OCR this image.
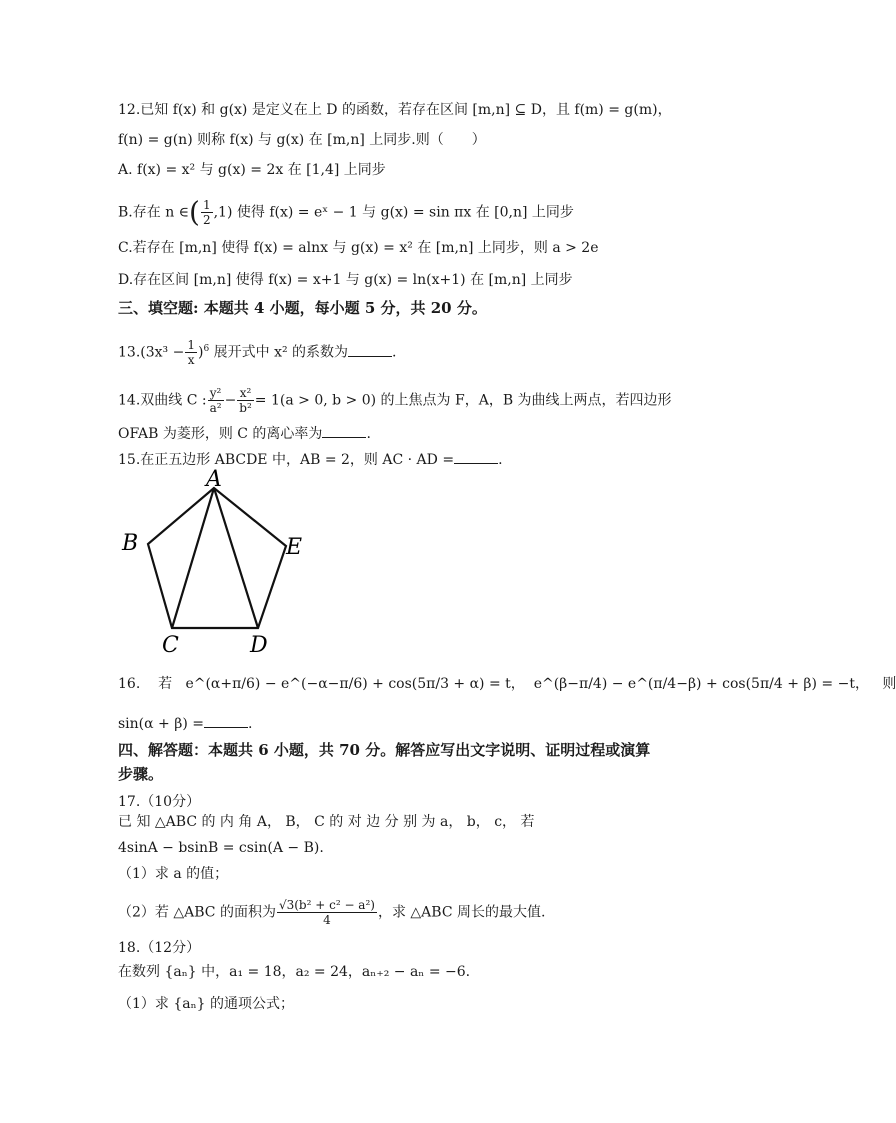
12.已知 f(x) 和 g(x) 是定义在上 D 的函数，若存在区间 [m,n] ⊆ D，且 f(m) = g(m)，
f(n) = g(n) 则称 f(x) 与 g(x) 在 [m,n] 上同步.则（　　）
A. f(x) = x² 与 g(x) = 2x 在 [1,4] 上同步
B.存在 n ∈( $\frac{1}{2} ,1$) 使得 f(x) = eˣ − 1 与 g(x) = sin πx 在 [0,n] 上同步
C.若存在 [m,n] 使得 f(x) = alnx 与 g(x) = x² 在 [m,n] 上同步，则 a > 2e
D.存在区间 [m,n] 使得 f(x) = x+1 与 g(x) = ln(x+1) 在 [m,n] 上同步
三、填空题: 本题共 4 小题，每小题 5 分，共 20 分。
$13.(3x^3 - \frac{1}{x} )^6$ 展开式中 x² 的系数为	.
14.双曲线 C : $\frac{\text{y²}}{\text{a²}} - \frac{\text{x²}}{\text{b²}} = 1(a > 0$, b > 0) 的上焦点为 F，A，B 为曲线上两点，若四边形
OFAB 为菱形，则 C 的离心率为	.
15.在正五边形 ABCDE 中，AB = 2，则 AC · AD =	.
A
B
C	D
E
16. 若 e^(α+π/6) − e^(−α−π/6) + cos(5π/3 + α) = t， e^(β−π/4) − e^(π/4−β) + cos(5π/4 + β) = −t， 则
sin(α + β) =	.
四、解答题：本题共 6 小题，共 70 分。解答应写出文字说明、证明过程或演算
步骤。
17.（10分）
已 知 △ABC 的 内 角 A， B， C 的 对 边 分 别 为 a， b， c， 若
4sinA − bsinB = csin(A − B).
（1）求 a 的值；
（2）若 △ABC 的面积为 $\frac{\text{√3(b² + c² − a²)}}{4}$ ，求 △ABC 周长的最大值.
18.（12分）
在数列 {aₙ} 中，a₁ = 18，a₂ = 24，aₙ₊₂ − aₙ = −6.
（1）求 {aₙ} 的通项公式；
